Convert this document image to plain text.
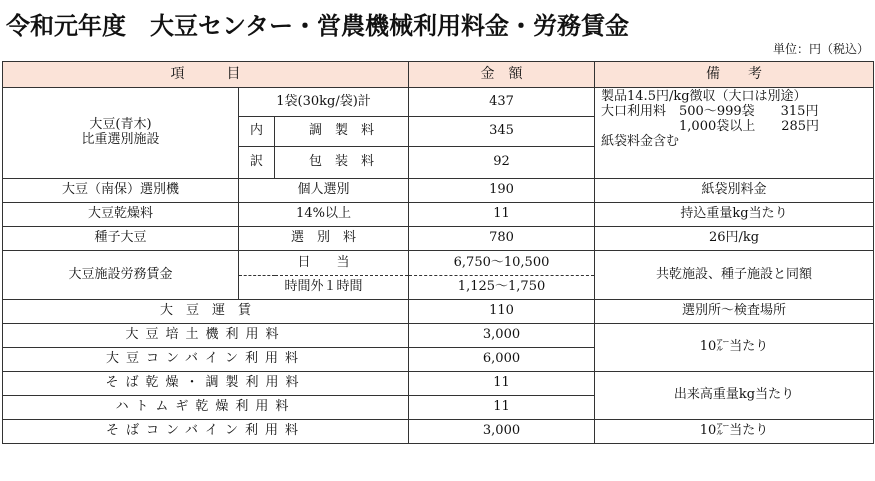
令和元年度　大豆センター・営農機械利用料金・労務賃金
単位：円（税込）
項　　　目			金　額	備　　考

大豆(青木)
比重選別施設	1袋(30kg/袋)計		437	製品14.5円/kg徴収（大口は別途）
大口利用料　500～999袋　　315円
　　　　　　1,000袋以上　　285円
紙袋料金含む

	内	調　製　料	345	
	訳	包　装　料	92	
大豆（南保）選別機	個人選別		190	紙袋別料金
大豆乾燥料	14%以上		11	持込重量kg当たり
種子大豆	選　別　料		780	26円/kg
大豆施設労務賃金	日　　当		6,750～10,500	共乾施設、種子施設と同額
	時間外１時間		1,125～1,750	
大　豆　運　賃			110	選別所～検査場所
大豆培土機利用料			3,000	10㌃当たり
大豆コンバイン利用料			6,000	
そば乾燥・調製利用料			11	出来高重量kg当たり
ハトムギ乾燥利用料			11	
そばコンバイン利用料			3,000	10㌃当たり
